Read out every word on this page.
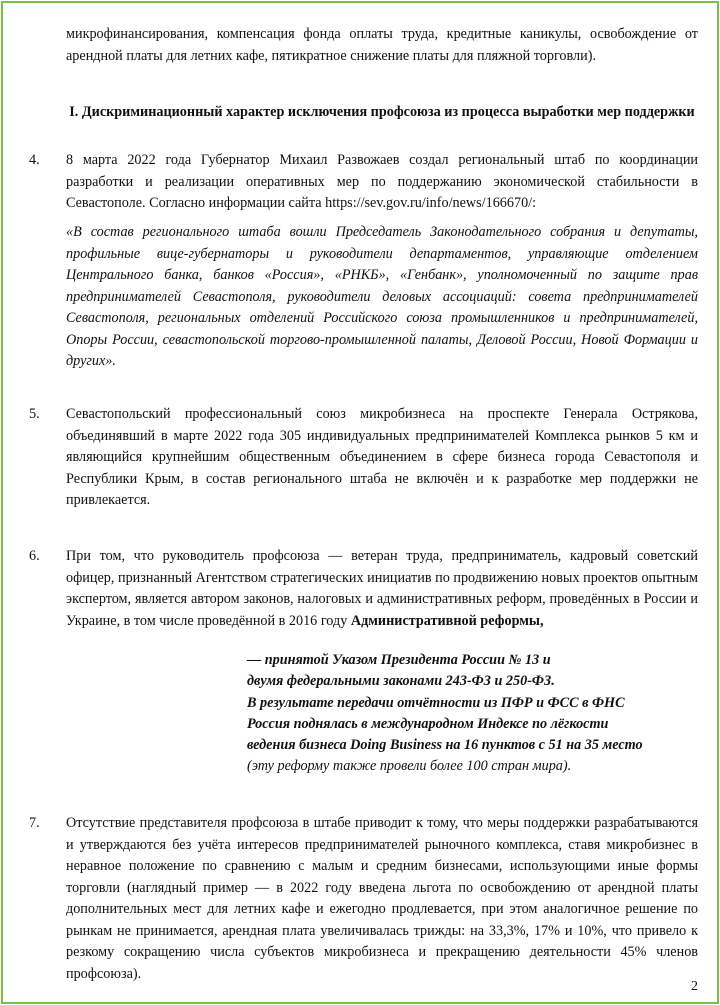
микрофинансирования, компенсация фонда оплаты труда, кредитные каникулы, освобождение от арендной платы для летних кафе, пятикратное снижение платы для пляжной торговли).

I. Дискриминационный характер исключения профсоюза из процесса выработки мер поддержки

4. 8 марта 2022 года Губернатор Михаил Развожаев создал региональный штаб по координации разработки и реализации оперативных мер по поддержанию экономической стабильности в Севастополе. Согласно информации сайта https://sev.gov.ru/info/news/166670/:

«В состав регионального штаба вошли Председатель Законодательного собрания и депутаты, профильные вице-губернаторы и руководители департаментов, управляющие отделением Центрального банка, банков «Россия», «РНКБ», «Генбанк», уполномоченный по защите прав предпринимателей Севастополя, руководители деловых ассоциаций: совета предпринимателей Севастополя, региональных отделений Российского союза промышленников и предпринимателей, Опоры России, севастопольской торгово-промышленной палаты, Деловой России, Новой Формации и других».

5. Севастопольский профессиональный союз микробизнеса на проспекте Генерала Острякова, объединявший в марте 2022 года 305 индивидуальных предпринимателей Комплекса рынков 5 км и являющийся крупнейшим общественным объединением в сфере бизнеса города Севастополя и Республики Крым, в состав регионального штаба не включён и к разработке мер поддержки не привлекается.

6. При том, что руководитель профсоюза — ветеран труда, предприниматель, кадровый советский офицер, признанный Агентством стратегических инициатив по продвижению новых проектов опытным экспертом, является автором законов, налоговых и административных реформ, проведённых в России и Украине, в том числе проведённой в 2016 году Административной реформы,

— принятой Указом Президента России № 13 и
двумя федеральными законами 243-ФЗ и 250-ФЗ.
В результате передачи отчётности из ПФР и ФСС в ФНС
Россия поднялась в международном Индексе по лёгкости
ведения бизнеса Doing Business на 16 пунктов с 51 на 35 место
(эту реформу также провели более 100 стран мира).
7. Отсутствие представителя профсоюза в штабе приводит к тому, что меры поддержки разрабатываются и утверждаются без учёта интересов предпринимателей рыночного комплекса, ставя микробизнес в неравное положение по сравнению с малым и средним бизнесами, использующими иные формы торговли (наглядный пример — в 2022 году введена льгота по освобождению от арендной платы дополнительных мест для летних кафе и ежегодно продлевается, при этом аналогичное решение по рынкам не принимается, арендная плата увеличивалась трижды: на 33,3%, 17% и 10%, что привело к резкому сокращению числа субъектов микробизнеса и прекращению деятельности 45% членов профсоюза).

2
